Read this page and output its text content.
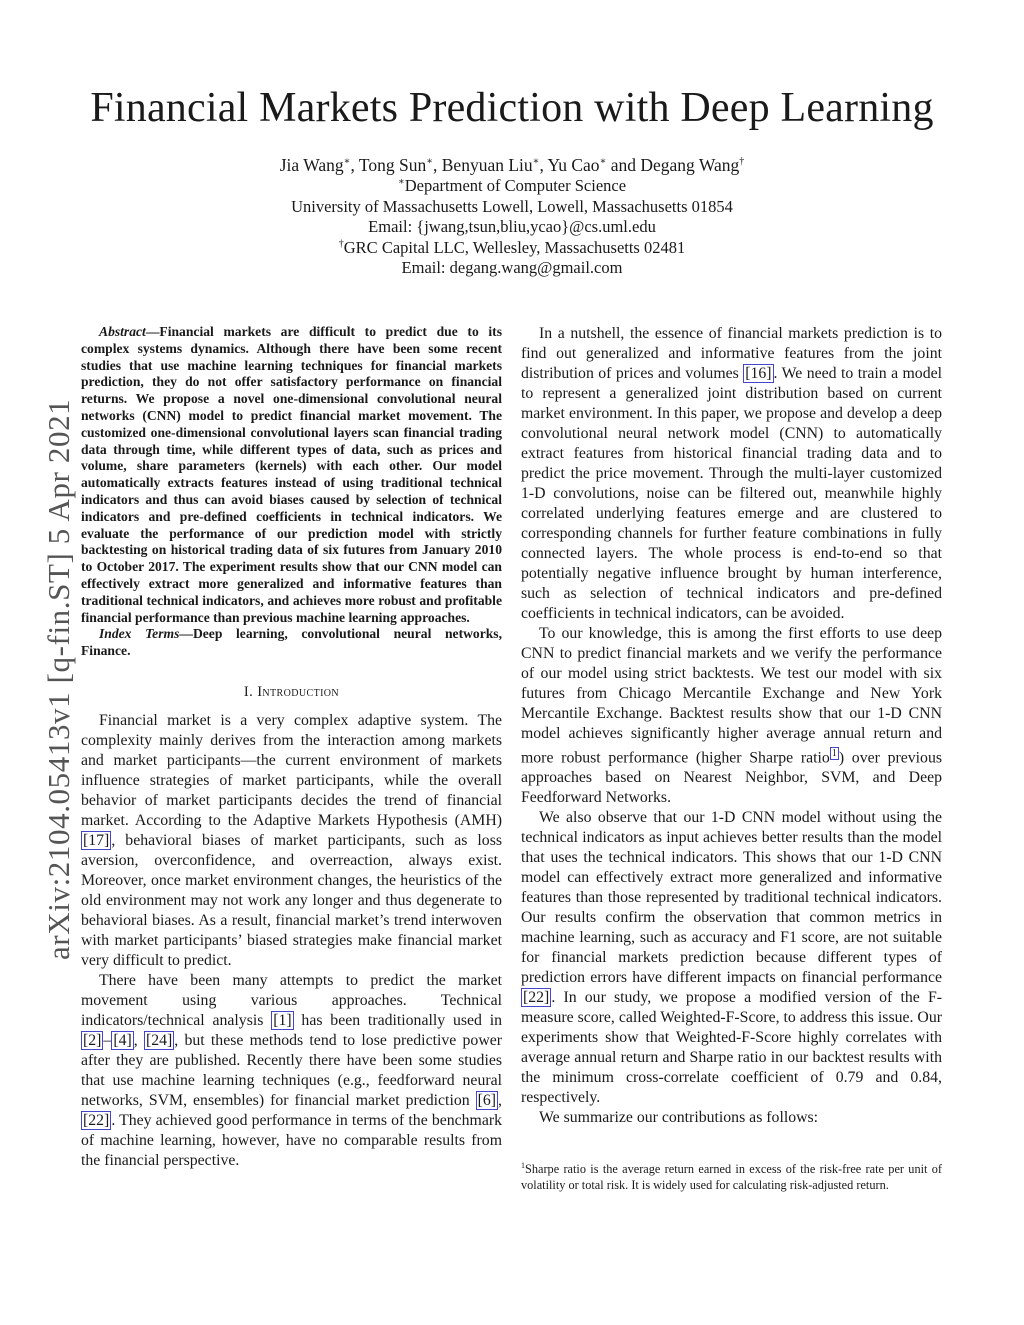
Financial Markets Prediction with Deep Learning
Jia Wang∗, Tong Sun∗, Benyuan Liu∗, Yu Cao∗ and Degang Wang†
∗Department of Computer Science
University of Massachusetts Lowell, Lowell, Massachusetts 01854
Email: {jwang,tsun,bliu,ycao}@cs.uml.edu
†GRC Capital LLC, Wellesley, Massachusetts 02481
Email: degang.wang@gmail.com
arXiv:2104.05413v1 [q-fin.ST] 5 Apr 2021

Abstract—Financial markets are difficult to predict due to its complex systems dynamics. Although there have been some recent studies that use machine learning techniques for financial markets prediction, they do not offer satisfactory performance on financial returns. We propose a novel one-dimensional convolutional neural networks (CNN) model to predict financial market movement. The customized one-dimensional convolutional layers scan financial trading data through time, while different types of data, such as prices and volume, share parameters (kernels) with each other. Our model automatically extracts features instead of using traditional technical indicators and thus can avoid biases caused by selection of technical indicators and pre-defined coefficients in technical indicators. We evaluate the performance of our prediction model with strictly backtesting on historical trading data of six futures from January 2010 to October 2017. The experiment results show that our CNN model can effectively extract more generalized and informative features than traditional technical indicators, and achieves more robust and profitable financial performance than previous machine learning approaches.

Index Terms—Deep learning, convolutional neural networks, Finance.

I. Introduction

Financial market is a very complex adaptive system. The complexity mainly derives from the interaction among markets and market participants—the current environment of markets influence strategies of market participants, while the overall behavior of market participants decides the trend of financial market. According to the Adaptive Markets Hypothesis (AMH) [17] , behavioral biases of market participants, such as loss aversion, overconfidence, and overreaction, always exist. Moreover, once market environment changes, the heuristics of the old environment may not work any longer and thus degenerate to behavioral biases. As a result, financial market’s trend interwoven with market participants’ biased strategies make financial market very difficult to predict.

There have been many attempts to predict the market movement using various approaches. Technical indicators/technical analysis [1] has been traditionally used in [2] – [4] , [24] , but these methods tend to lose predictive power after they are published. Recently there have been some studies that use machine learning techniques (e.g., feedforward neural networks, SVM, ensembles) for financial market prediction [6] , [22] . They achieved good performance in terms of the benchmark of machine learning, however, have no comparable results from the financial perspective.

In a nutshell, the essence of financial markets prediction is to find out generalized and informative features from the joint distribution of prices and volumes [16] . We need to train a model to represent a generalized joint distribution based on current market environment. In this paper, we propose and develop a deep convolutional neural network model (CNN) to automatically extract features from historical financial trading data and to predict the price movement. Through the multi-layer customized 1-D convolutions, noise can be filtered out, meanwhile highly correlated underlying features emerge and are clustered to corresponding channels for further feature combinations in fully connected layers. The whole process is end-to-end so that potentially negative influence brought by human interference, such as selection of technical indicators and pre-defined coefficients in technical indicators, can be avoided.

To our knowledge, this is among the first efforts to use deep CNN to predict financial markets and we verify the performance of our model using strict backtests. We test our model with six futures from Chicago Mercantile Exchange and New York Mercantile Exchange. Backtest results show that our 1-D CNN model achieves significantly higher average annual return and more robust performance (higher Sharpe ratio $^1$ ) over previous approaches based on Nearest Neighbor, SVM, and Deep Feedforward Networks.

We also observe that our 1-D CNN model without using the technical indicators as input achieves better results than the model that uses the technical indicators. This shows that our 1-D CNN model can effectively extract more generalized and informative features than those represented by traditional technical indicators. Our results confirm the observation that common metrics in machine learning, such as accuracy and F1 score, are not suitable for financial markets prediction because different types of prediction errors have different impacts on financial performance [22] . In our study, we propose a modified version of the F-measure score, called Weighted-F-Score, to address this issue. Our experiments show that Weighted-F-Score highly correlates with average annual return and Sharpe ratio in our backtest results with the minimum cross-correlate coefficient of 0.79 and 0.84, respectively.

We summarize our contributions as follows:

$^1$Sharpe ratio is the average return earned in excess of the risk-free rate per unit of volatility or total risk. It is widely used for calculating risk-adjusted return.
